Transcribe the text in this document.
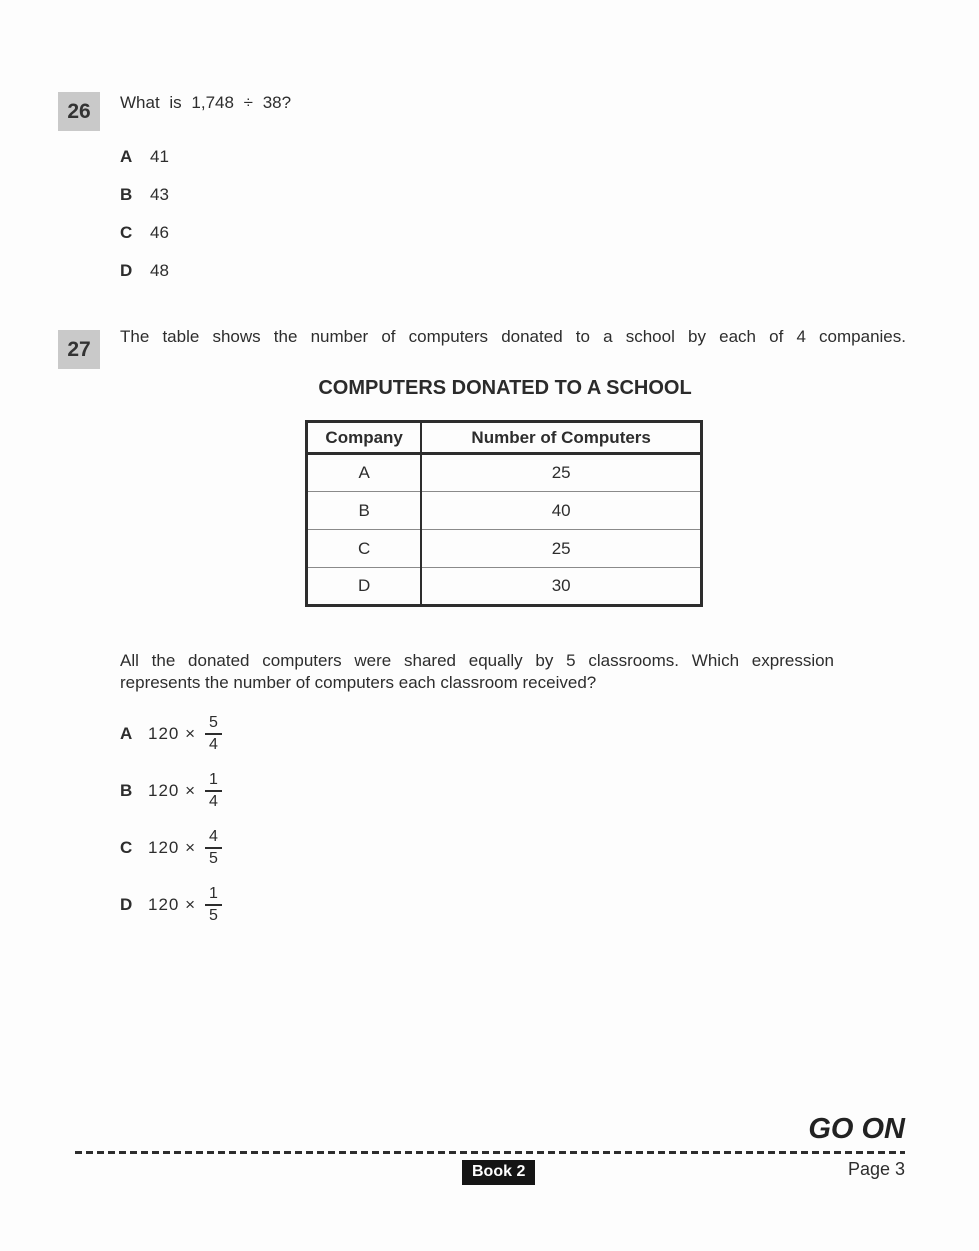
26 What is 1,748 ÷ 38?
A	41
B	43
C	46
D	48
27
The table shows the number of computers donated to a school by each of 4 companies.
COMPUTERS DONATED TO A SCHOOL
Company	Number of Computers
A	25
B	40
C	25
D	30
All the donated computers were shared equally by 5 classrooms. Which expression
represents the number of computers each classroom received?
A $120 \times \frac{5}{4}$
B $120 \times \frac{1}{4}$
C $120 \times \frac{4}{5}$
D $120 \times \frac{1}{5}$
GO ON
Book 2	Page 3
